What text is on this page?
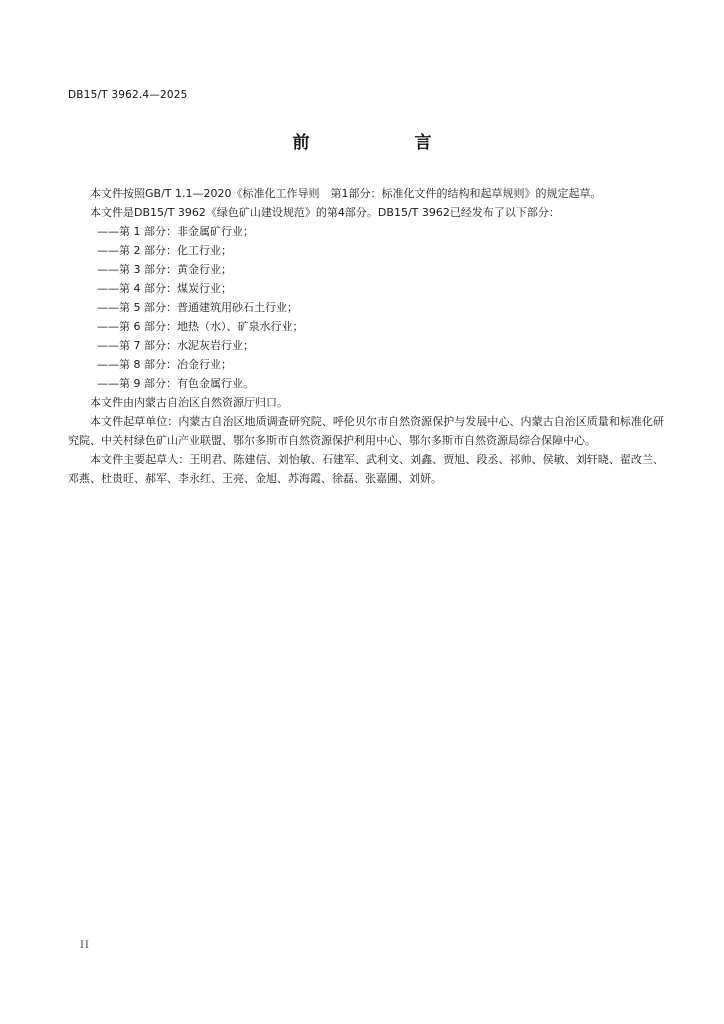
DB15/T 3962.4—2025
前　言

本文件按照GB/T 1.1—2020《标准化工作导则　第1部分：标准化文件的结构和起草规则》的规定起草。

本文件是DB15/T 3962《绿色矿山建设规范》的第4部分。DB15/T 3962已经发布了以下部分：

——第 1 部分：非金属矿行业；

——第 2 部分：化工行业；

——第 3 部分：黄金行业；

——第 4 部分：煤炭行业；

——第 5 部分：普通建筑用砂石土行业；

——第 6 部分：地热（水）、矿泉水行业；

——第 7 部分：水泥灰岩行业；

——第 8 部分：冶金行业；

——第 9 部分：有色金属行业。

本文件由内蒙古自治区自然资源厅归口。

本文件起草单位：内蒙古自治区地质调查研究院、呼伦贝尔市自然资源保护与发展中心、内蒙古自治区质量和标准化研究院、中关村绿色矿山产业联盟、鄂尔多斯市自然资源保护利用中心、鄂尔多斯市自然资源局综合保障中心。

本文件主要起草人：王明君、陈建信、刘怡敏、石建军、武利文、刘鑫、贾旭、段丞、祁帅、侯敏、刘轩晓、翟改兰、邓燕、杜贵旺、郝军、李永红、王亮、金旭、苏海霞、徐磊、张嘉圃、刘妍。

II
